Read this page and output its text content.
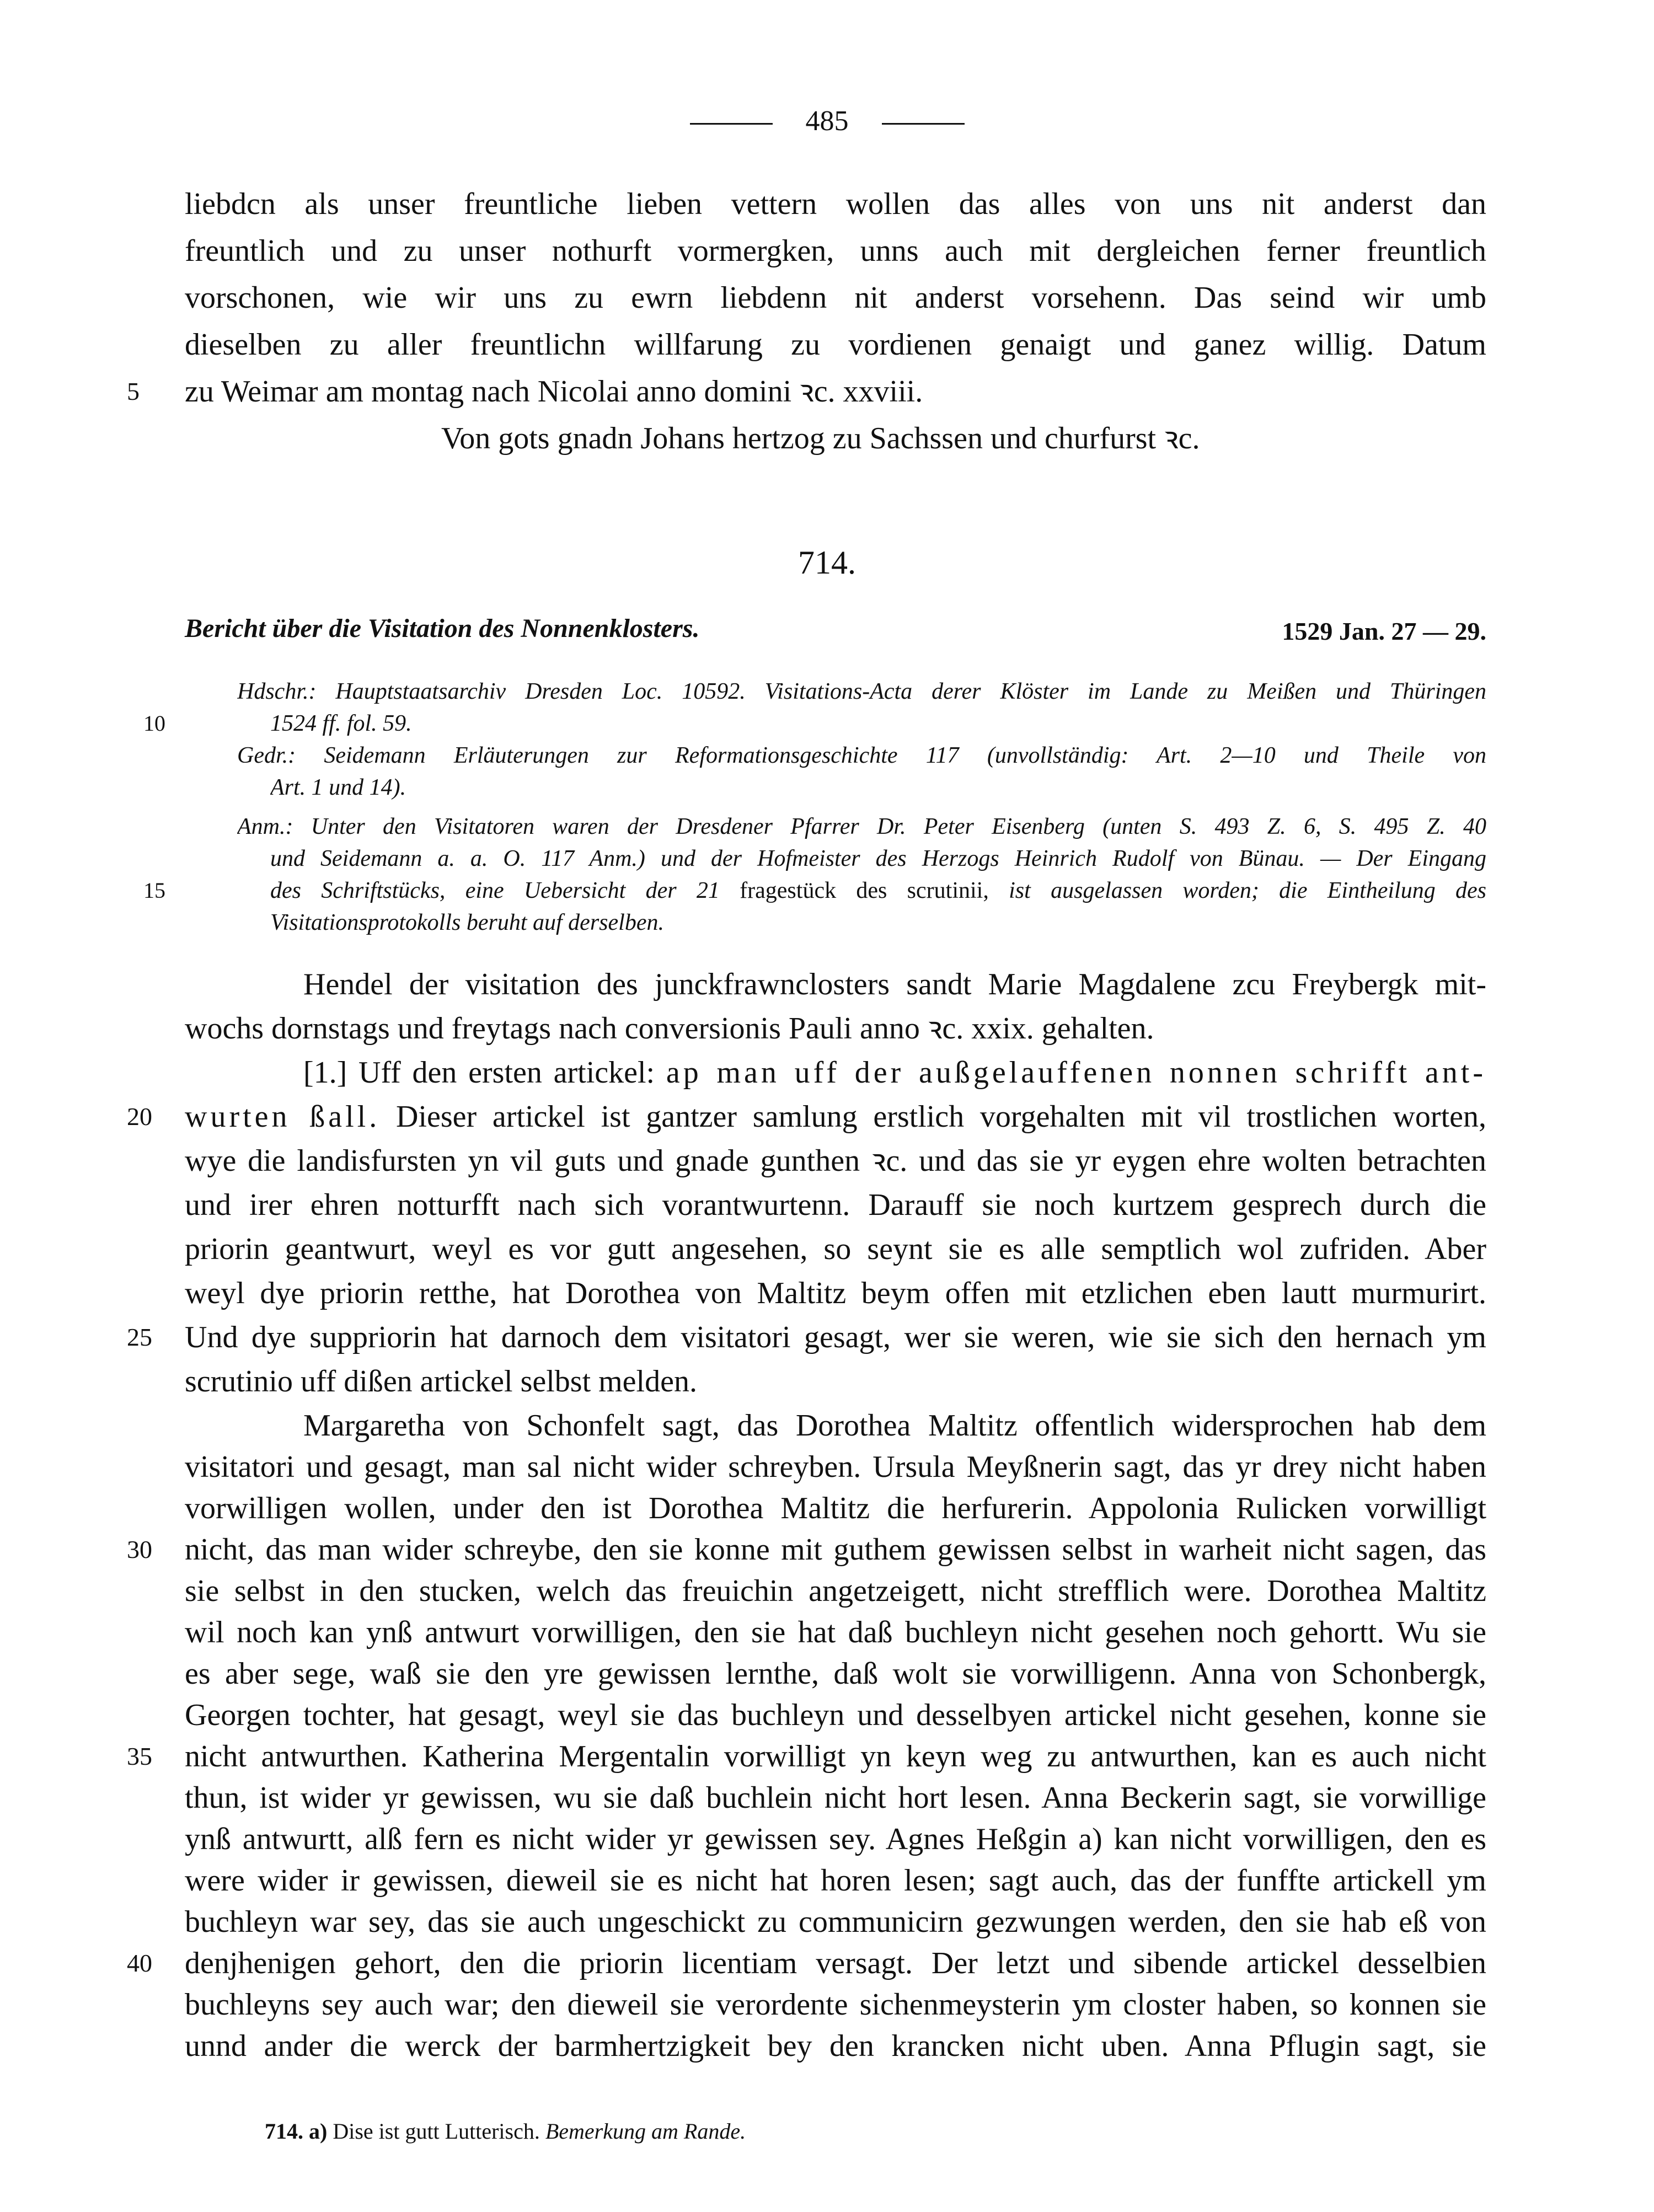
485
liebdcn als unser freuntliche lieben vettern wollen das alles von uns nit anderst dan
freuntlich und zu unser nothurft vormergken, unns auch mit dergleichen ferner freuntlich
vorschonen, wie wir uns zu ewrn liebdenn nit anderst vorsehenn. Das seind wir umb
dieselben zu aller freuntlichn willfarung zu vordienen genaigt und ganez willig. Datum
5	zu Weimar am montag nach Nicolai anno domini ꝛc. xxviii.
Von gots gnadn Johans hertzog zu Sachssen und churfurst ꝛc.
714.
Bericht über die Visitation des Nonnenklosters.	1529 Jan. 27 — 29.
Hdschr.: Hauptstaatsarchiv Dresden Loc. 10592. Visitations-Acta derer Klöster im Lande zu Meißen und Thüringen
10	1524 ff. fol. 59.
Gedr.: Seidemann Erläuterungen zur Reformationsgeschichte 117 (unvollständig: Art. 2—10 und Theile von
Art. 1 und 14).
Anm.: Unter den Visitatoren waren der Dresdener Pfarrer Dr. Peter Eisenberg (unten S. 493 Z. 6, S. 495 Z. 40
und Seidemann a. a. O. 117 Anm.) und der Hofmeister des Herzogs Heinrich Rudolf von Bünau. — Der Eingang
15	des Schriftstücks, eine Uebersicht der 21 fragestück des scrutinii, ist ausgelassen worden; die Eintheilung des
Visitationsprotokolls beruht auf derselben.
Hendel der visitation des junckfrawnclosters sandt Marie Magdalene zcu Freybergk mit-
wochs dornstags und freytags nach conversionis Pauli anno ꝛc. xxix. gehalten.
[1.] Uff den ersten artickel: ap man uff der außgelauffenen nonnen schrifft ant-
20	wurten ßall. Dieser artickel ist gantzer samlung erstlich vorgehalten mit vil trostlichen worten,
wye die landisfursten yn vil guts und gnade gunthen ꝛc. und das sie yr eygen ehre wolten betrachten
und irer ehren notturfft nach sich vorantwurtenn. Darauff sie noch kurtzem gesprech durch die
priorin geantwurt, weyl es vor gutt angesehen, so seynt sie es alle semptlich wol zufriden. Aber
weyl dye priorin retthe, hat Dorothea von Maltitz beym offen mit etzlichen eben lautt murmurirt.
25	Und dye suppriorin hat darnoch dem visitatori gesagt, wer sie weren, wie sie sich den hernach ym
scrutinio uff dißen artickel selbst melden.
Margaretha von Schonfelt sagt, das Dorothea Maltitz offentlich widersprochen hab dem
visitatori und gesagt, man sal nicht wider schreyben. Ursula Meyßnerin sagt, das yr drey nicht haben
vorwilligen wollen, under den ist Dorothea Maltitz die herfurerin. Appolonia Rulicken vorwilligt
30	nicht, das man wider schreybe, den sie konne mit guthem gewissen selbst in warheit nicht sagen, das
sie selbst in den stucken, welch das freuichin angetzeigett, nicht strefflich were. Dorothea Maltitz
wil noch kan ynß antwurt vorwilligen, den sie hat daß buchleyn nicht gesehen noch gehortt. Wu sie
es aber sege, waß sie den yre gewissen lernthe, daß wolt sie vorwilligenn. Anna von Schonbergk,
Georgen tochter, hat gesagt, weyl sie das buchleyn und desselbyen artickel nicht gesehen, konne sie
35	nicht antwurthen. Katherina Mergentalin vorwilligt yn keyn weg zu antwurthen, kan es auch nicht
thun, ist wider yr gewissen, wu sie daß buchlein nicht hort lesen. Anna Beckerin sagt, sie vorwillige
ynß antwurtt, alß fern es nicht wider yr gewissen sey. Agnes Heßgin a) kan nicht vorwilligen, den es
were wider ir gewissen, dieweil sie es nicht hat horen lesen; sagt auch, das der funffte artickell ym
buchleyn war sey, das sie auch ungeschickt zu communicirn gezwungen werden, den sie hab eß von
40	denjhenigen gehort, den die priorin licentiam versagt. Der letzt und sibende artickel desselbien
buchleyns sey auch war; den dieweil sie verordente sichenmeysterin ym closter haben, so konnen sie
unnd ander die werck der barmhertzigkeit bey den krancken nicht uben. Anna Pflugin sagt, sie
714. a) Dise ist gutt Lutterisch. Bemerkung am Rande.
